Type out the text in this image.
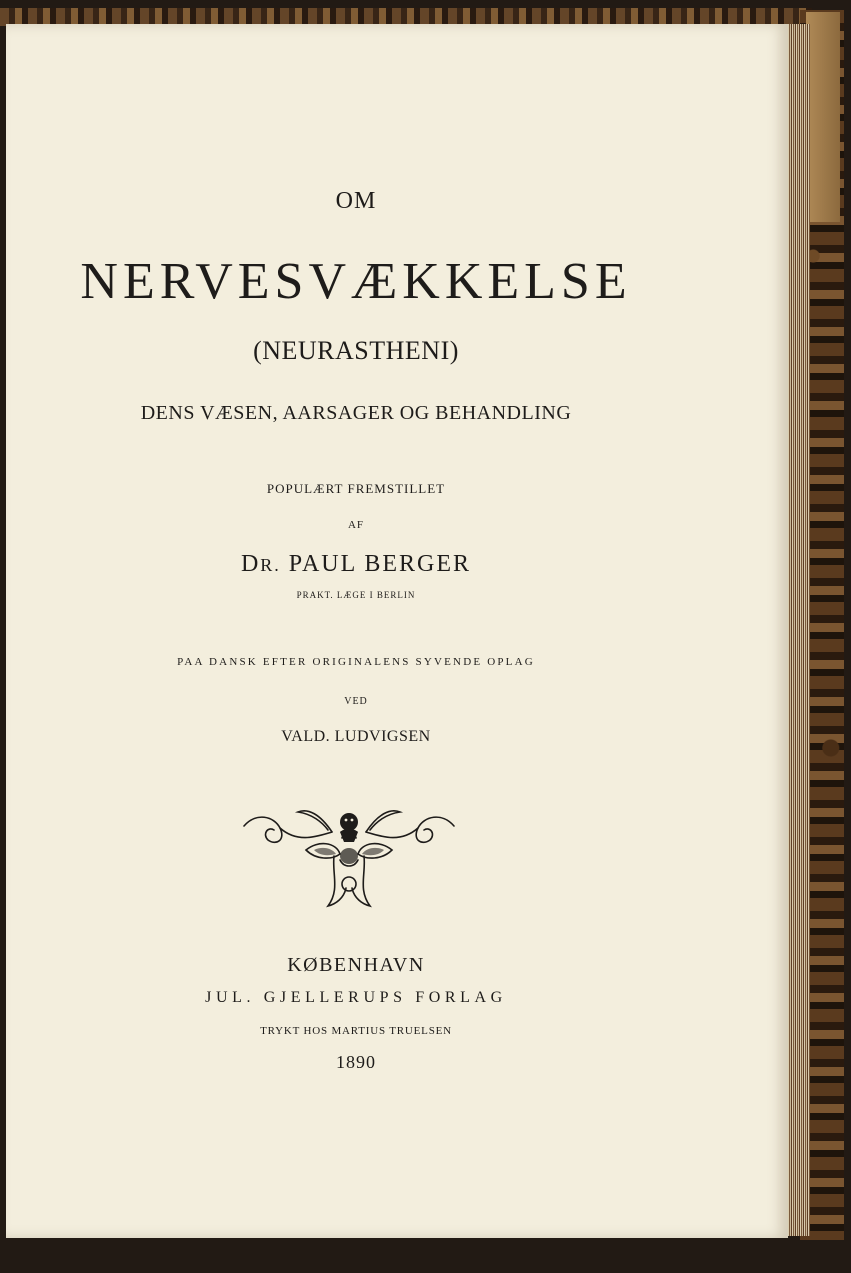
OM
NERVESVÆKKELSE
(NEURASTHENI)
DENS VÆSEN, AARSAGER OG BEHANDLING
POPULÆRT FREMSTILLET
AF
DR. PAUL BERGER
PRAKT. LÆGE I BERLIN
PAA DANSK EFTER ORIGINALENS SYVENDE OPLAG
VED
VALD. LUDVIGSEN
KØBENHAVN
JUL. GJELLERUPS FORLAG
TRYKT HOS MARTIUS TRUELSEN
1890
